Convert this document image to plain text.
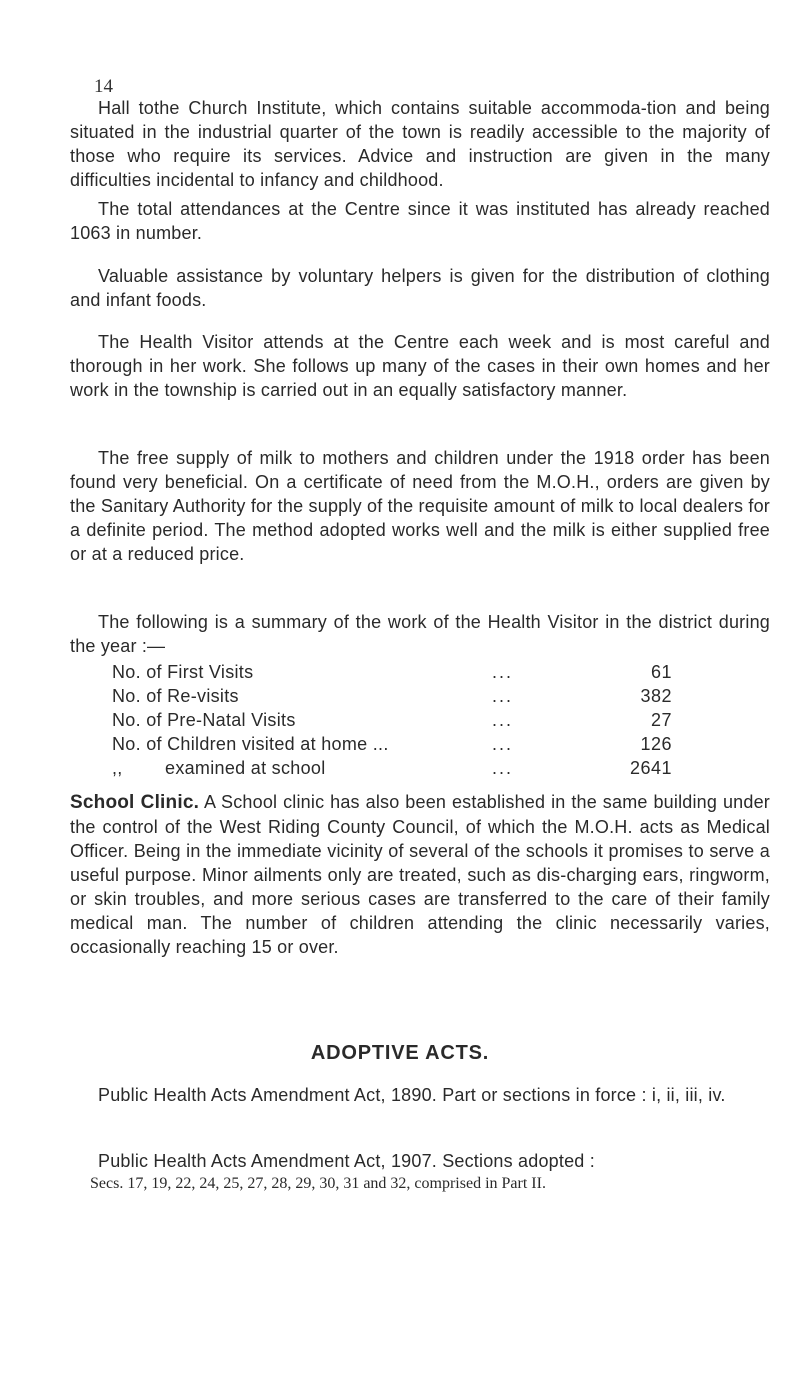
14

Hall tothe Church Institute, which contains suitable accommoda-tion and being situated in the industrial quarter of the town is readily accessible to the majority of those who require its services. Advice and instruction are given in the many difficulties incidental to infancy and childhood.

The total attendances at the Centre since it was instituted has already reached 1063 in number.

Valuable assistance by voluntary helpers is given for the distribution of clothing and infant foods.

The Health Visitor attends at the Centre each week and is most careful and thorough in her work. She follows up many of the cases in their own homes and her work in the township is carried out in an equally satisfactory manner.

The free supply of milk to mothers and children under the 1918 order has been found very beneficial. On a certificate of need from the M.O.H., orders are given by the Sanitary Authority for the supply of the requisite amount of milk to local dealers for a definite period. The method adopted works well and the milk is either supplied free or at a reduced price.

The following is a summary of the work of the Health Visitor in the district during the year :—

No. of First Visits	...	61
No. of Re-visits	...	382
No. of Pre-Natal Visits	...	27
No. of Children visited at home ...	...	126
,,        examined at school	...	2641

School Clinic. A School clinic has also been established in the same building under the control of the West Riding County Council, of which the M.O.H. acts as Medical Officer. Being in the immediate vicinity of several of the schools it promises to serve a useful purpose. Minor ailments only are treated, such as dis-charging ears, ringworm, or skin troubles, and more serious cases are transferred to the care of their family medical man. The number of children attending the clinic necessarily varies, occasionally reaching 15 or over.

ADOPTIVE ACTS.

Public Health Acts Amendment Act, 1890. Part or sections in force : i, ii, iii, iv.

Public Health Acts Amendment Act, 1907. Sections adopted :

Secs. 17, 19, 22, 24, 25, 27, 28, 29, 30, 31 and 32, comprised in Part II.
